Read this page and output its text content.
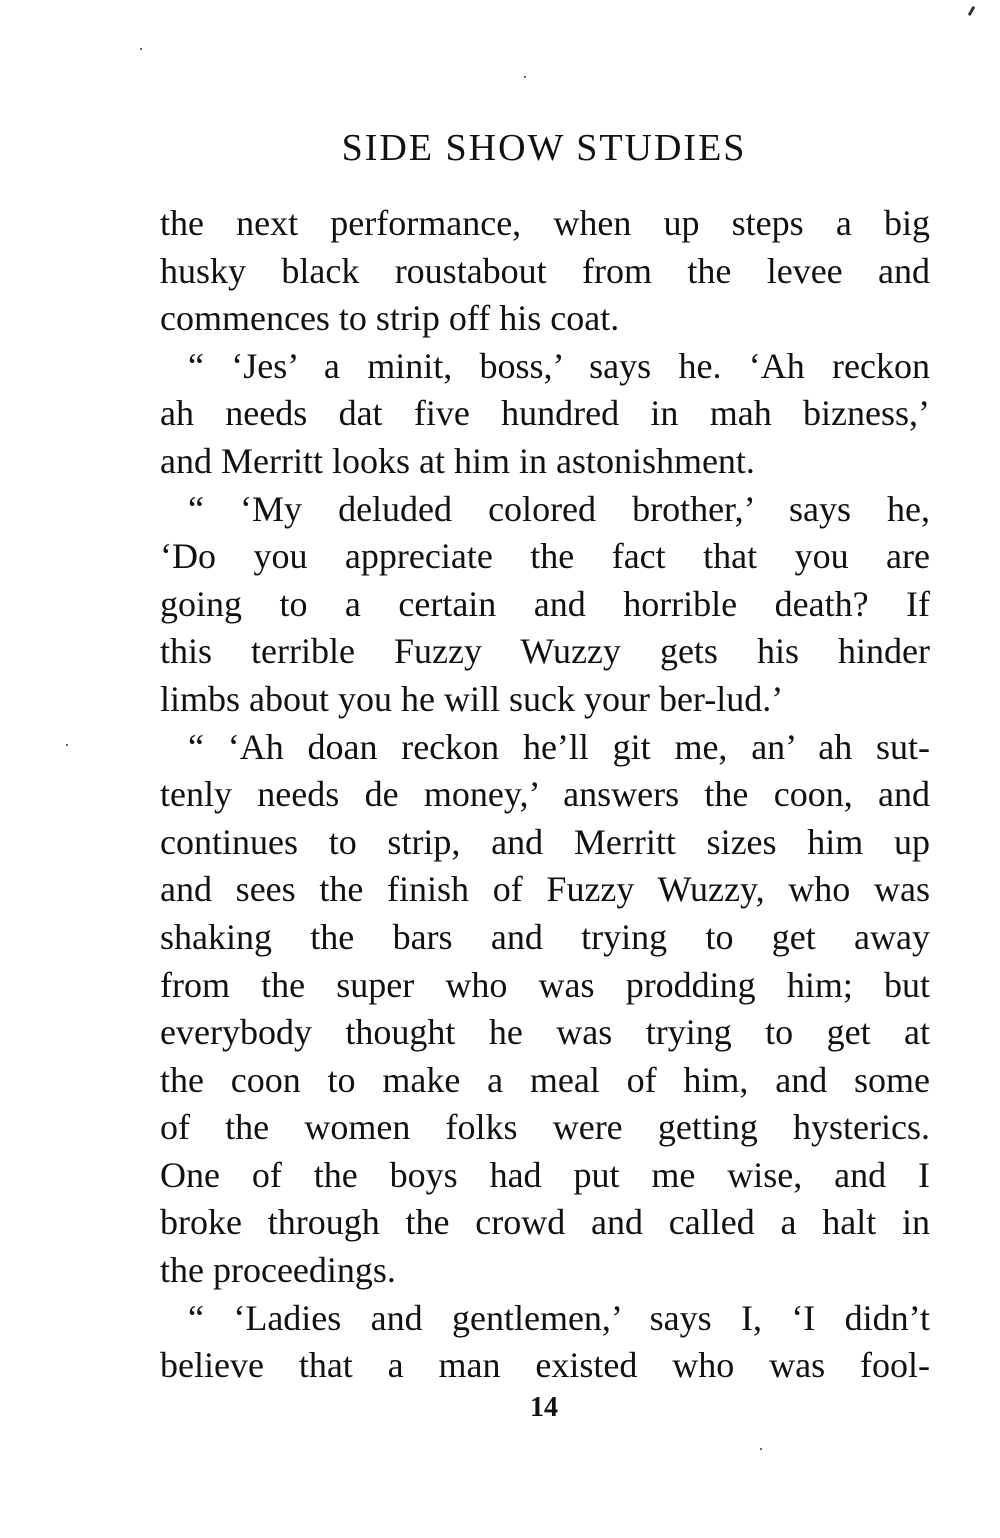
SIDE SHOW STUDIES
the next performance, when up steps a big
husky black roustabout from the levee and
commences to strip off his coat.
“ ‘Jes’ a minit, boss,’ says he. ‘Ah reckon
ah needs dat five hundred in mah bizness,’
and Merritt looks at him in astonishment.
“ ‘My deluded colored brother,’ says he,
‘Do you appreciate the fact that you are
going to a certain and horrible death? If
this terrible Fuzzy Wuzzy gets his hinder
limbs about you he will suck your ber-lud.’
“ ‘Ah doan reckon he’ll git me, an’ ah sut-
tenly needs de money,’ answers the coon, and
continues to strip, and Merritt sizes him up
and sees the finish of Fuzzy Wuzzy, who was
shaking the bars and trying to get away
from the super who was prodding him; but
everybody thought he was trying to get at
the coon to make a meal of him, and some
of the women folks were getting hysterics.
One of the boys had put me wise, and I
broke through the crowd and called a halt in
the proceedings.
“ ‘Ladies and gentlemen,’ says I, ‘I didn’t
believe that a man existed who was fool-
14
